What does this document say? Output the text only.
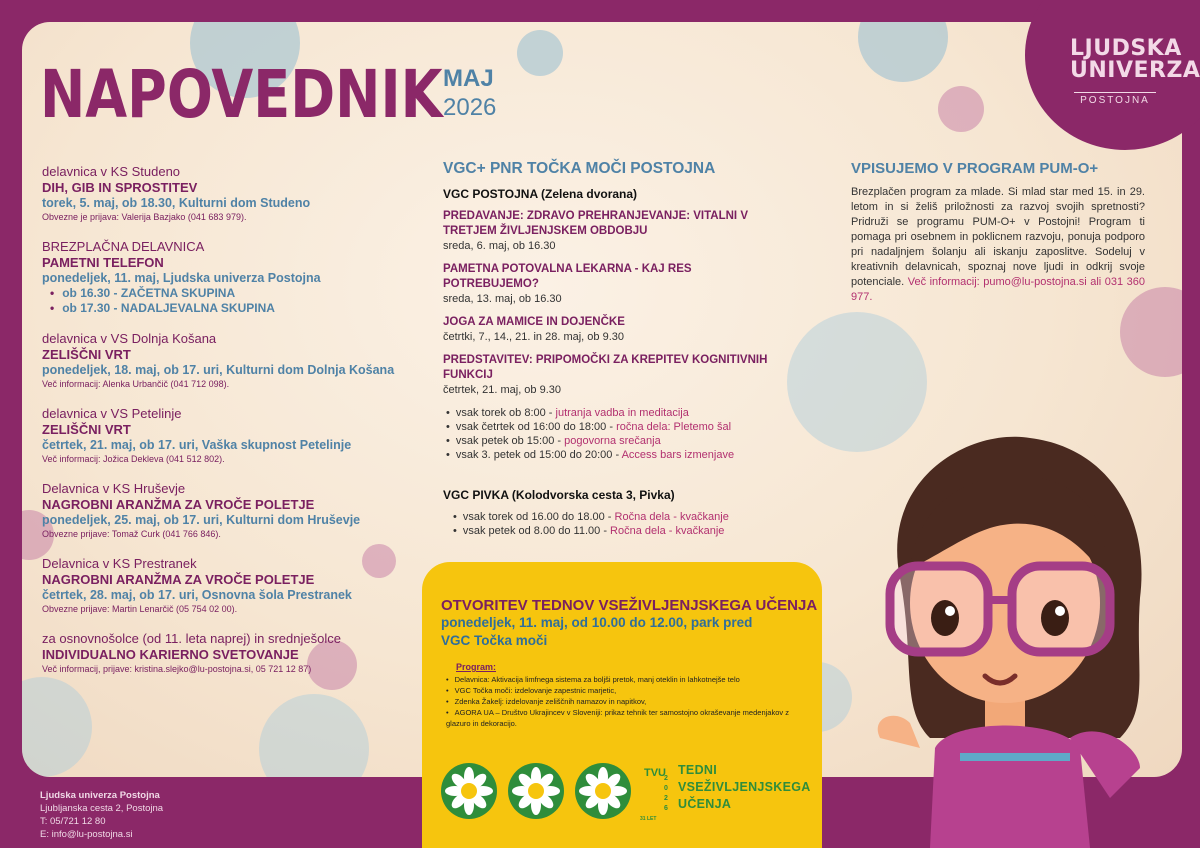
LJUDSKA
UNIVERZA
POSTOJNA
NAPOVEDNIK MAJ
2026
delavnica v KS Studeno
DIH, GIB IN SPROSTITEV
torek, 5. maj, ob 18.30, Kulturni dom Studeno
Obvezne je prijava: Valerija Bazjako (041 683 979).
BREZPLAČNA DELAVNICA
PAMETNI TELEFON
ponedeljek, 11. maj, Ljudska univerza Postojna
• ob 16.30 - ZAČETNA SKUPINA
• ob 17.30 - NADALJEVALNA SKUPINA
delavnica v VS Dolnja Košana
ZELIŠČNI VRT
ponedeljek, 18. maj, ob 17. uri, Kulturni dom Dolnja Košana
Več informacij: Alenka Urbančič (041 712 098).
delavnica v VS Petelinje
ZELIŠČNI VRT
četrtek, 21. maj, ob 17. uri, Vaška skupnost Petelinje
Več informacij: Jožica Dekleva (041 512 802).
Delavnica v KS Hruševje
NAGROBNI ARANŽMA ZA VROČE POLETJE
ponedeljek, 25. maj, ob 17. uri, Kulturni dom Hruševje
Obvezne prijave: Tomaž Curk (041 766 846).
Delavnica v KS Prestranek
NAGROBNI ARANŽMA ZA VROČE POLETJE
četrtek, 28. maj, ob 17. uri, Osnovna šola Prestranek
Obvezne prijave: Martin Lenarčič (05 754 02 00).
za osnovnošolce (od 11. leta naprej) in srednješolce
INDIVIDUALNO KARIERNO SVETOVANJE
Več informacij, prijave: kristina.slejko@lu-postojna.si, 05 721 12 87)
VGC+ PNR TOČKA MOČI POSTOJNA
VGC POSTOJNA (Zelena dvorana)
PREDAVANJE: ZDRAVO PREHRANJEVANJE: VITALNI V TRETJEM ŽIVLJENJSKEM OBDOBJU
sreda, 6. maj, ob 16.30
PAMETNA POTOVALNA LEKARNA - KAJ RES POTREBUJEMO?
sreda, 13. maj, ob 16.30
JOGA ZA MAMICE IN DOJENČKE
četrtki, 7., 14., 21. in 28. maj, ob 9.30
PREDSTAVITEV: PRIPOMOČKI ZA KREPITEV KOGNITIVNIH FUNKCIJ
četrtek, 21. maj, ob 9.30
• vsak torek ob 8:00 - jutranja vadba in meditacija
• vsak četrtek od 16:00 do 18:00 - ročna dela: Pletemo šal
• vsak petek ob 15:00 - pogovorna srečanja
• vsak 3. petek od 15:00 do 20:00 - Access bars izmenjave
VGC PIVKA (Kolodvorska cesta 3, Pivka)
• vsak torek od 16.00 do 18.00 - Ročna dela - kvačkanje
• vsak petek od 8.00 do 11.00 - Ročna dela - kvačkanje
VPISUJEMO V PROGRAM PUM-O+
Brezplačen program za mlade. Si mlad star med 15. in 29. letom in si želiš priložnosti za razvoj svojih spretnosti? Pridruži se programu PUM-O+ v Postojni! Program ti pomaga pri osebnem in poklicnem razvoju, ponuja podporo pri nadaljnjem šolanju ali iskanju zaposlitve. Sodeluj v kreativnih delavnicah, spoznaj nove ljudi in odkrij svoje potenciale. Več informacij: pumo@lu-postojna.si ali 031 360 977.
OTVORITEV TEDNOV VSEŽIVLJENJSKEGA UČENJA
ponedeljek, 11. maj, od 10.00 do 12.00, park pred VGC Točka moči
Program:
• Delavnica: Aktivacija limfnega sistema za boljši pretok, manj oteklin in lahkotnejše telo
• VGC Točka moči: izdelovanje zapestnic marjetic,
• Zdenka Žakelj: izdelovanje zeliščnih namazov in napitkov,
• AGORA UA – Društvo Ukrajincev v Sloveniji: prikaz tehnik ter samostojno okraševanje medenjakov z glazuro in dekoracijo.
TVU
2026
31 LET
TEDNI
VSEŽIVLJENJSKEGA
UČENJA
Ljudska univerza Postojna
Ljubljanska cesta 2, Postojna
T: 05/721 12 80
E: info@lu-postojna.si
